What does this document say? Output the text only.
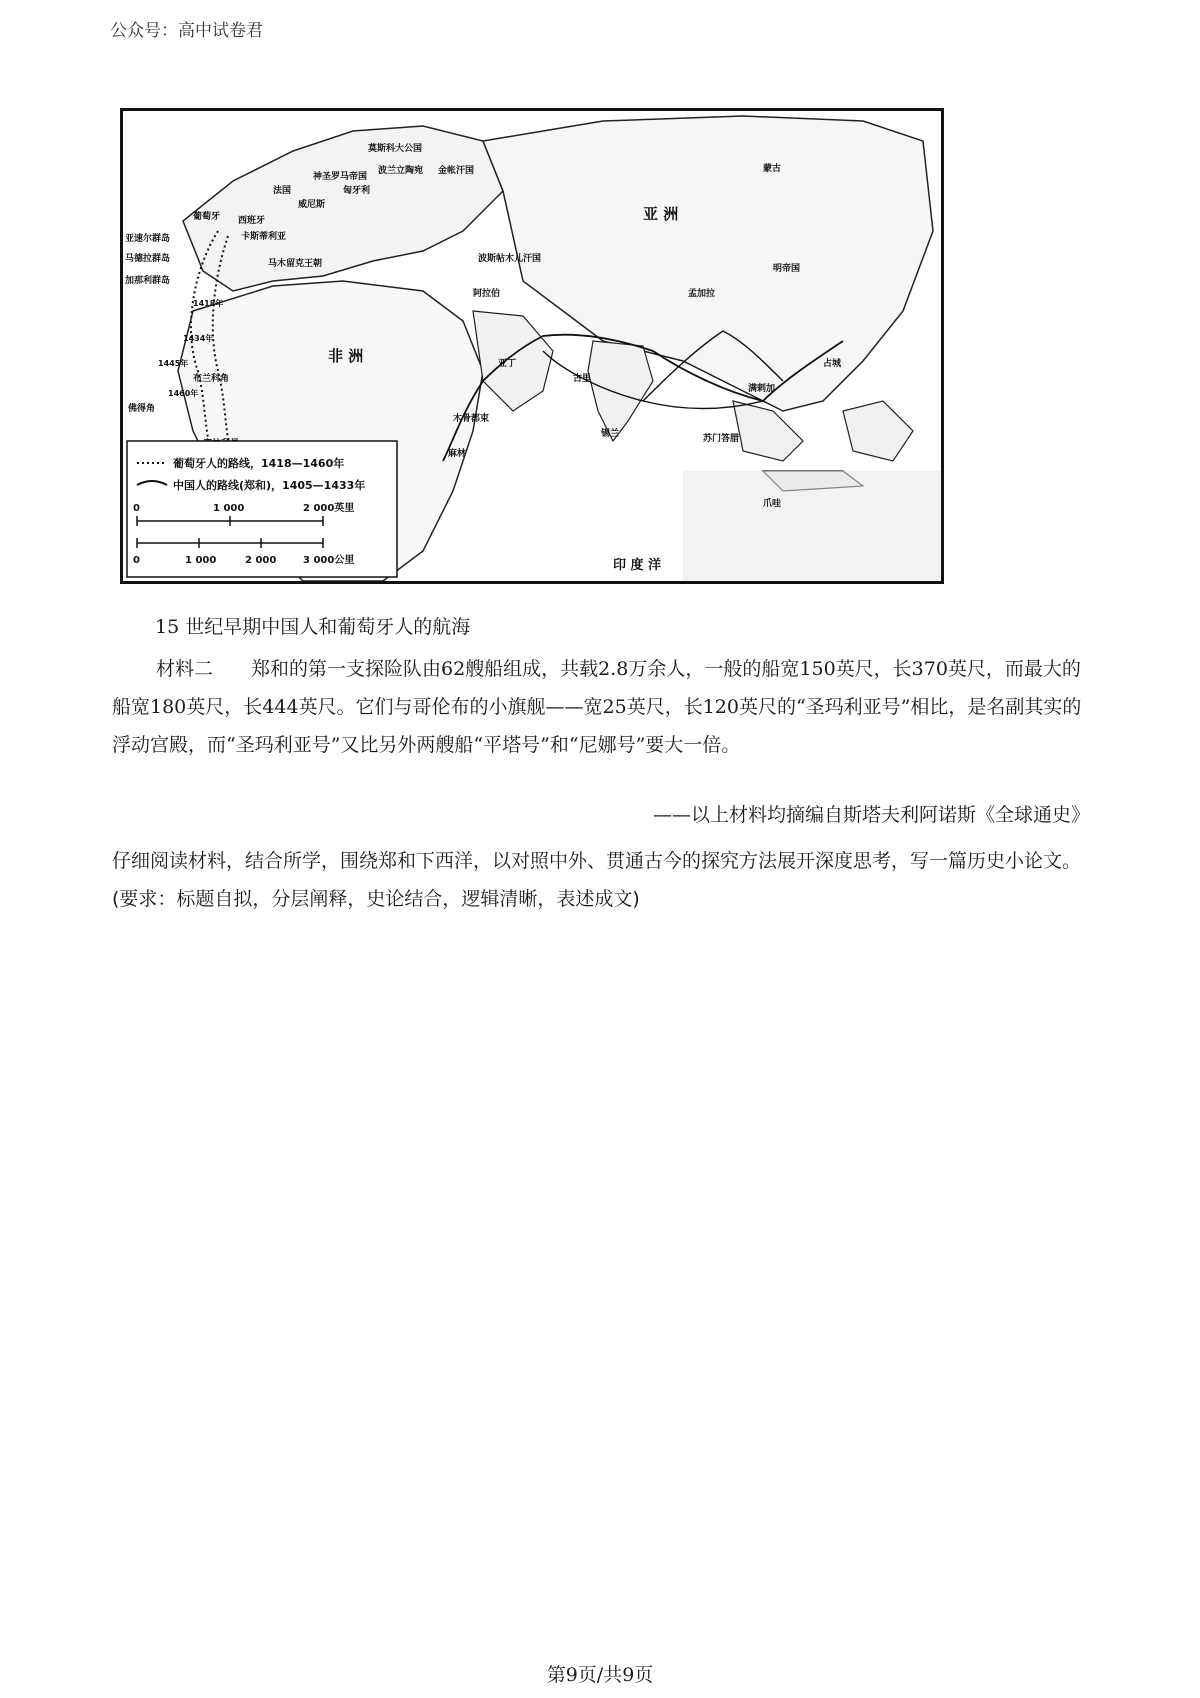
公众号：高中试卷君
亚 洲
非 洲
印 度 洋
莫斯科大公国
神圣罗马帝国
波兰立陶宛 金帐汗国
法国	匈牙利
威尼斯
葡萄牙 西班牙
卡斯蒂利亚
亚速尔群岛
马德拉群岛
加那利群岛
马木留克王朝
阿拉伯
波斯帖木儿汗国
蒙古
明帝国
孟加拉
锡兰
佛得角
布兰科角
爪哇
苏门答腊
满剌加
占城
古里
亚丁
木骨都束
麻林
1418年
1434年
1445年
1460年
葡萄牙人的路线，1418—1460年
中国人的路线(郑和)，1405—1433年
0	1 000	2 000英里
0	1 000	2 000	3 000公里
15 世纪早期中国人和葡萄牙人的航海
材料二　　郑和的第一支探险队由62艘船组成，共载2.8万余人，一般的船宽150英尺，长370英尺，而最大的船宽180英尺，长444英尺。它们与哥伦布的小旗舰——宽25英尺，长120英尺的“圣玛利亚号”相比，是名副其实的浮动宫殿，而“圣玛利亚号”又比另外两艘船“平塔号”和“尼娜号”要大一倍。
——以上材料均摘编自斯塔夫利阿诺斯《全球通史》
仔细阅读材料，结合所学，围绕郑和下西洋，以对照中外、贯通古今的探究方法展开深度思考，写一篇历史小论文。(要求：标题自拟，分层阐释，史论结合，逻辑清晰，表述成文)
第9页/共9页
